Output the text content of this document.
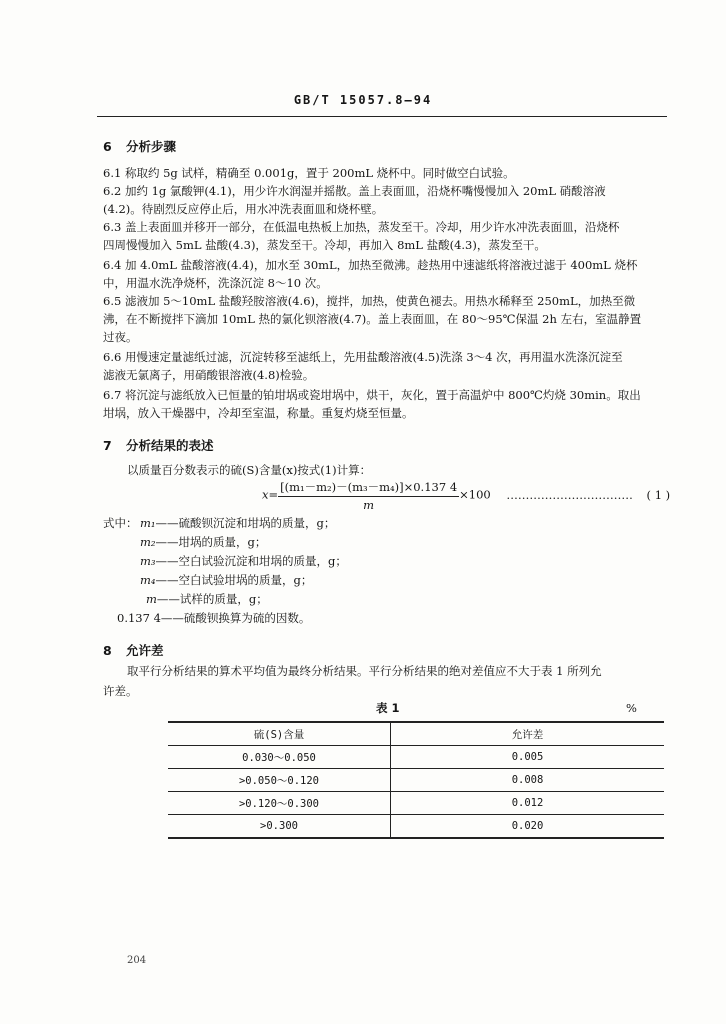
GB/T 15057.8—94
6 分析步骤
6.1 称取约 5g 试样，精确至 0.001g，置于 200mL 烧杯中。同时做空白试验。
6.2 加约 1g 氯酸钾(4.1)，用少许水润湿并摇散。盖上表面皿，沿烧杯嘴慢慢加入 20mL 硝酸溶液
(4.2)。待剧烈反应停止后，用水冲洗表面皿和烧杯壁。
6.3 盖上表面皿并移开一部分，在低温电热板上加热，蒸发至干。冷却，用少许水冲洗表面皿，沿烧杯
四周慢慢加入 5mL 盐酸(4.3)，蒸发至干。冷却，再加入 8mL 盐酸(4.3)，蒸发至干。
6.4 加 4.0mL 盐酸溶液(4.4)，加水至 30mL，加热至微沸。趁热用中速滤纸将溶液过滤于 400mL 烧杯
中，用温水洗净烧杯，洗涤沉淀 8～10 次。
6.5 滤液加 5～10mL 盐酸羟胺溶液(4.6)，搅拌，加热，使黄色褪去。用热水稀释至 250mL，加热至微
沸，在不断搅拌下滴加 10mL 热的氯化钡溶液(4.7)。盖上表面皿，在 80～95℃保温 2h 左右，室温静置
过夜。
6.6 用慢速定量滤纸过滤，沉淀转移至滤纸上，先用盐酸溶液(4.5)洗涤 3～4 次，再用温水洗涤沉淀至
滤液无氯离子，用硝酸银溶液(4.8)检验。
6.7 将沉淀与滤纸放入已恒量的铂坩埚或瓷坩埚中，烘干，灰化，置于高温炉中 800℃灼烧 30min。取出
坩埚，放入干燥器中，冷却至室温，称量。重复灼烧至恒量。
7 分析结果的表述
以质量百分数表示的硫(S)含量(x)按式(1)计算：
$x= \frac{\text{[(m₁－m₂)－(m₃－m₄)]×0.137 4}}{m} \times 100$ …………………………… ( 1 )
式中： m₁——硫酸钡沉淀和坩埚的质量，g；
m₂——坩埚的质量，g；
m₃——空白试验沉淀和坩埚的质量，g；
m₄——空白试验坩埚的质量，g；
m——试样的质量，g；
0.137 4——硫酸钡换算为硫的因数。
8 允许差
取平行分析结果的算术平均值为最终分析结果。平行分析结果的绝对差值应不大于表 1 所列允
许差。
表 1	%
硫(S)含量	允许差
0.030～0.050	0.005
>0.050～0.120	0.008
>0.120～0.300	0.012
>0.300	0.020
204
